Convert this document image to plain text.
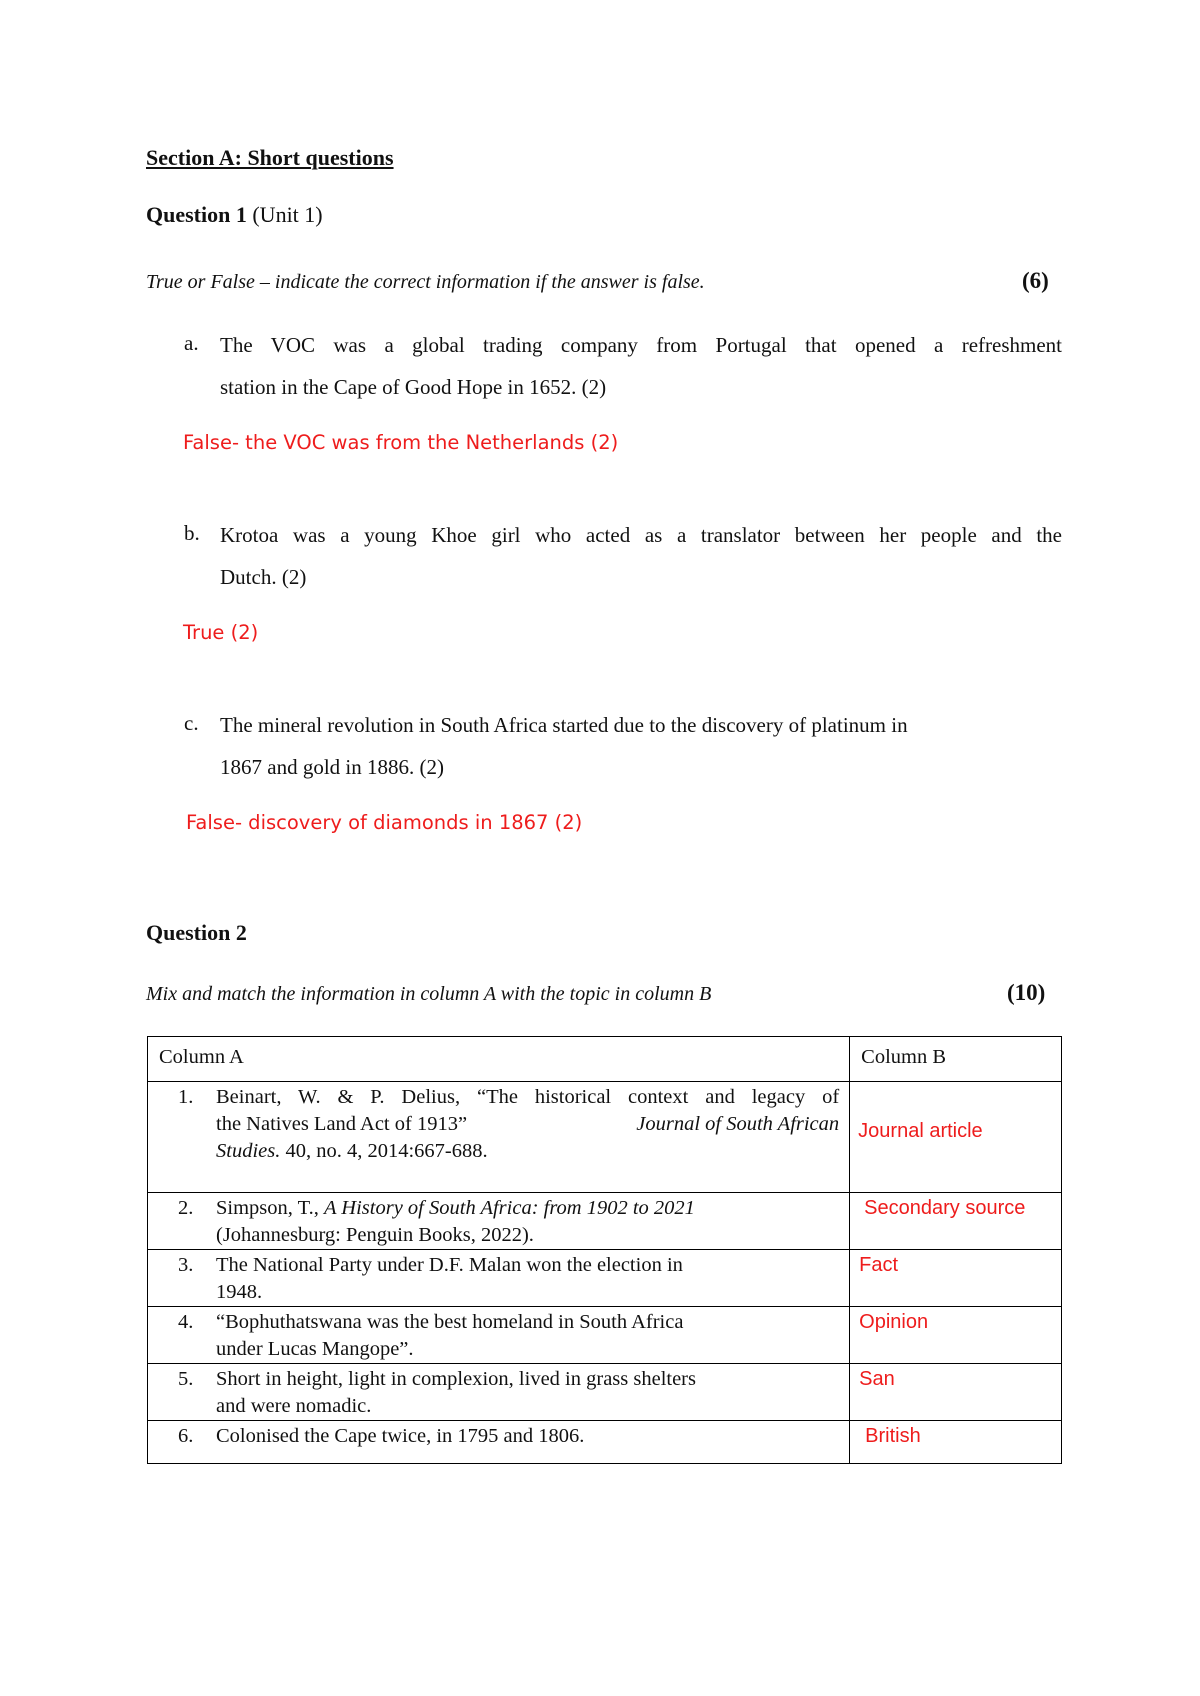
Section A: Short questions
Question 1 (Unit 1)
True or False – indicate the correct information if the answer is false.	(6)
a. The VOC was a global trading company from Portugal that opened a refreshment
station in the Cape of Good Hope in 1652. (2)
False- the VOC was from the Netherlands (2)
b. Krotoa was a young Khoe girl who acted as a translator between her people and the
Dutch. (2)
True (2)
c. The mineral revolution in South Africa started due to the discovery of platinum in
1867 and gold in 1886. (2)
False- discovery of diamonds in 1867 (2)
Question 2
Mix and match the information in column A with the topic in column B	(10)
Column A	Column B

1. Beinart, W. & P. Delius, “The historical context and legacy of
the Natives Land Act of 1913” Journal of South African
Studies. 40, no. 4, 2014:667-688.	Journal article

2. Simpson, T., A History of South Africa: from 1902 to 2021
(Johannesburg: Penguin Books, 2022).	Secondary source

3. The National Party under D.F. Malan won the election in
1948.	Fact

4. “Bophuthatswana was the best homeland in South Africa
under Lucas Mangope”.	Opinion

5. Short in height, light in complexion, lived in grass shelters
and were nomadic.	San

6. Colonised the Cape twice, in 1795 and 1806.	British
